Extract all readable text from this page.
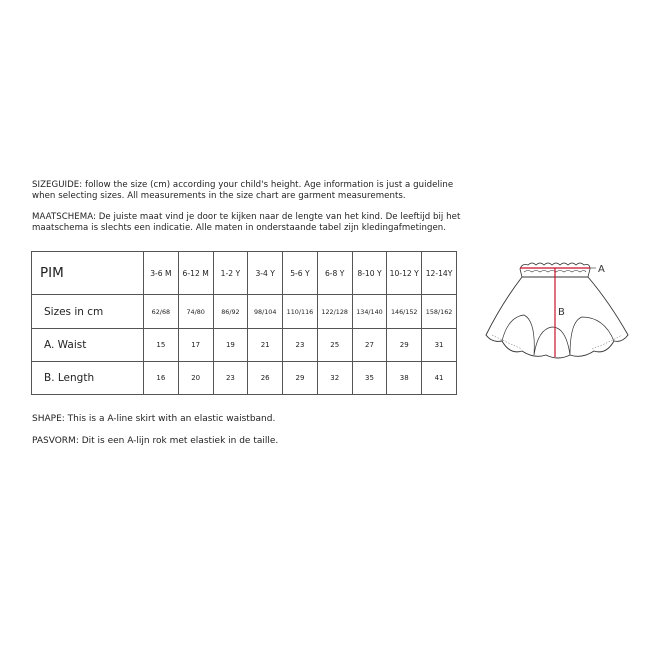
SIZEGUIDE: follow the size (cm) according your child's height. Age information is just a guideline when selecting sizes. All measurements in the size chart are garment measurements.

MAATSCHEMA: De juiste maat vind je door te kijken naar de lengte van het kind. De leeftijd bij het maatschema is slechts een indicatie. Alle maten in onderstaande tabel zijn kledingafmetingen.

PIM	3-6 M	6-12 M	1-2 Y	3-4 Y	5-6 Y	6-8 Y	8-10 Y	10-12 Y	12-14Y
Sizes in cm	62/68	74/80	86/92	98/104	110/116	122/128	134/140	146/152	158/162
A. Waist	15	17	19	21	23	25	27	29	31
B. Length	16	20	23	26	29	32	35	38	41
A
B

SHAPE: This is a A-line skirt with an elastic waistband.

PASVORM: Dit is een A-lijn rok met elastiek in de taille.
